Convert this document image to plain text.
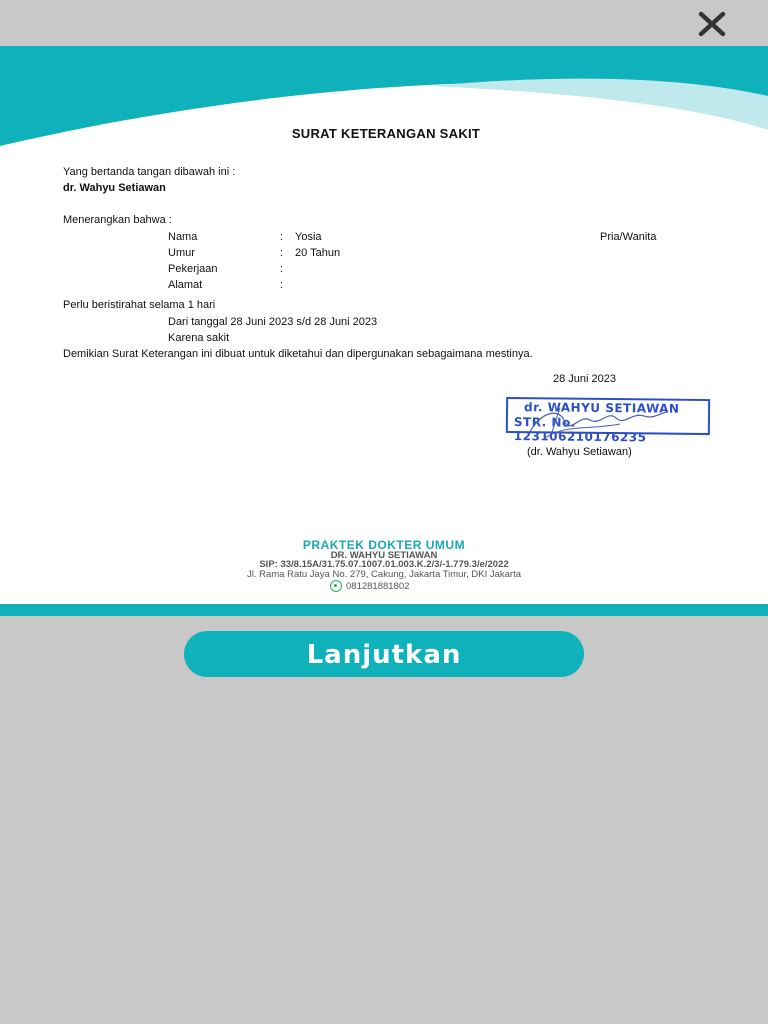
SURAT KETERANGAN SAKIT
Yang bertanda tangan dibawah ini :
dr. Wahyu Setiawan
Menerangkan bahwa :
Nama	: Yosia	Pria/Wanita
Umur	: 20 Tahun
Pekerjaan	:
Alamat	:
Perlu beristirahat selama 1 hari
Dari tanggal 28 Juni 2023 s/d 28 Juni 2023
Karena sakit
Demikian Surat Keterangan ini dibuat untuk diketahui dan dipergunakan sebagaimana mestinya.
28 Juni 2023
dr. WAHYU SETIAWAN
STR. No. 123106210176235
(dr. Wahyu Setiawan)
PRAKTEK DOKTER UMUM
DR. WAHYU SETIAWAN
SIP: 33/8.15A/31.75.07.1007.01.003.K.2/3/-1.779.3/e/2022
Jl. Rama Ratu Jaya No. 279, Cakung, Jakarta Timur, DKI Jakarta
081281881802
Lanjutkan
